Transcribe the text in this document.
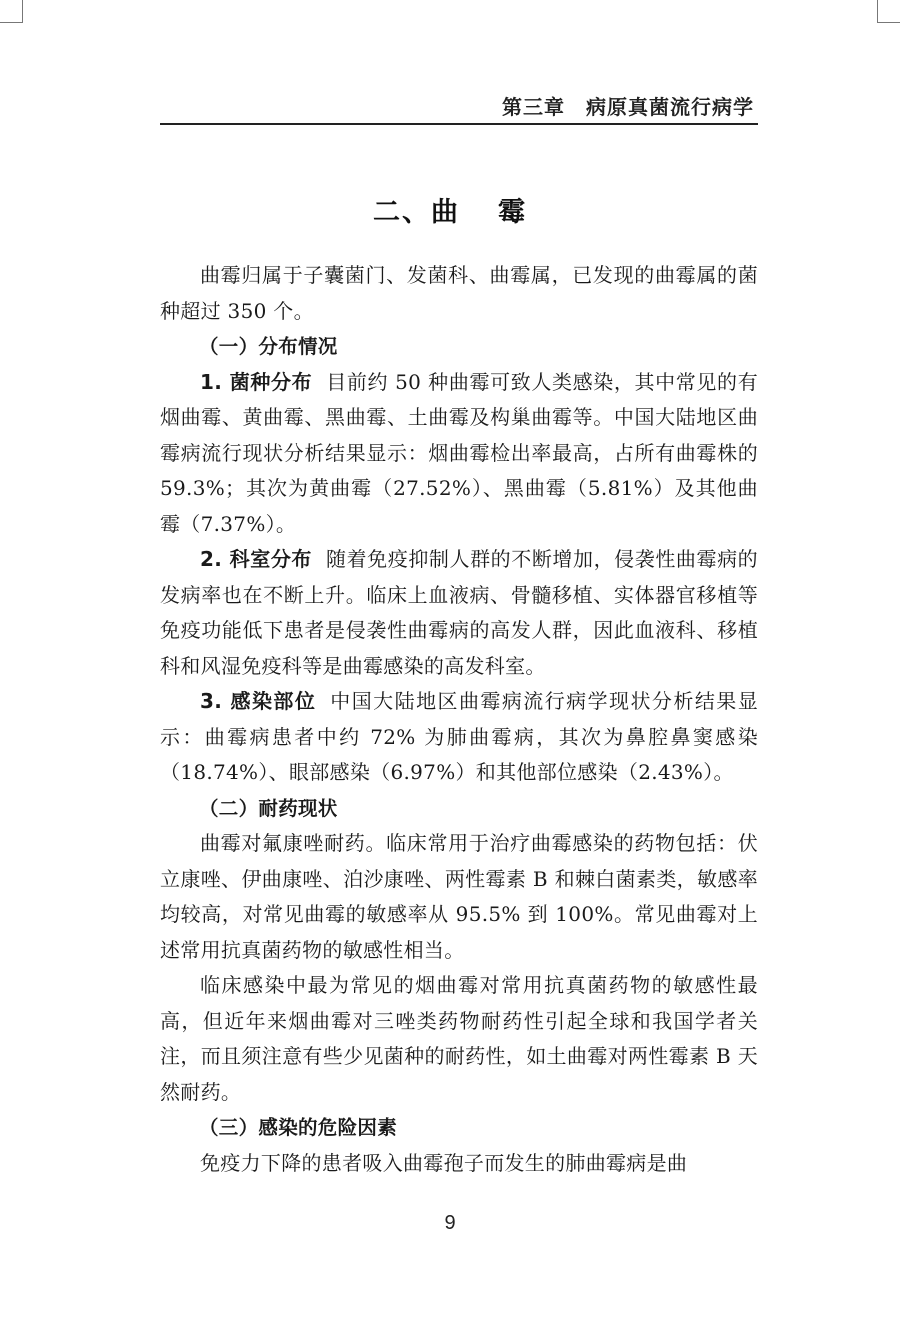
第三章　病原真菌流行病学
二、曲 霉

曲霉归属于子囊菌门、发菌科、曲霉属，已发现的曲霉属的菌种超过 350 个。

（一）分布情况

1. 菌种分布 目前约 50 种曲霉可致人类感染，其中常见的有烟曲霉、黄曲霉、黑曲霉、土曲霉及构巢曲霉等。中国大陆地区曲霉病流行现状分析结果显示：烟曲霉检出率最高，占所有曲霉株的 59.3%；其次为黄曲霉（27.52%）、黑曲霉（5.81%）及其他曲霉（7.37%）。

2. 科室分布 随着免疫抑制人群的不断增加，侵袭性曲霉病的发病率也在不断上升。临床上血液病、骨髓移植、实体器官移植等免疫功能低下患者是侵袭性曲霉病的高发人群，因此血液科、移植科和风湿免疫科等是曲霉感染的高发科室。

3. 感染部位 中国大陆地区曲霉病流行病学现状分析结果显示：曲霉病患者中约 72% 为肺曲霉病，其次为鼻腔鼻窦感染（18.74%）、眼部感染（6.97%）和其他部位感染（2.43%）。

（二）耐药现状

曲霉对氟康唑耐药。临床常用于治疗曲霉感染的药物包括：伏立康唑、伊曲康唑、泊沙康唑、两性霉素 B 和棘白菌素类，敏感率均较高，对常见曲霉的敏感率从 95.5% 到 100%。常见曲霉对上述常用抗真菌药物的敏感性相当。

临床感染中最为常见的烟曲霉对常用抗真菌药物的敏感性最高，但近年来烟曲霉对三唑类药物耐药性引起全球和我国学者关注，而且须注意有些少见菌种的耐药性，如土曲霉对两性霉素 B 天然耐药。

（三）感染的危险因素

免疫力下降的患者吸入曲霉孢子而发生的肺曲霉病是曲

9
